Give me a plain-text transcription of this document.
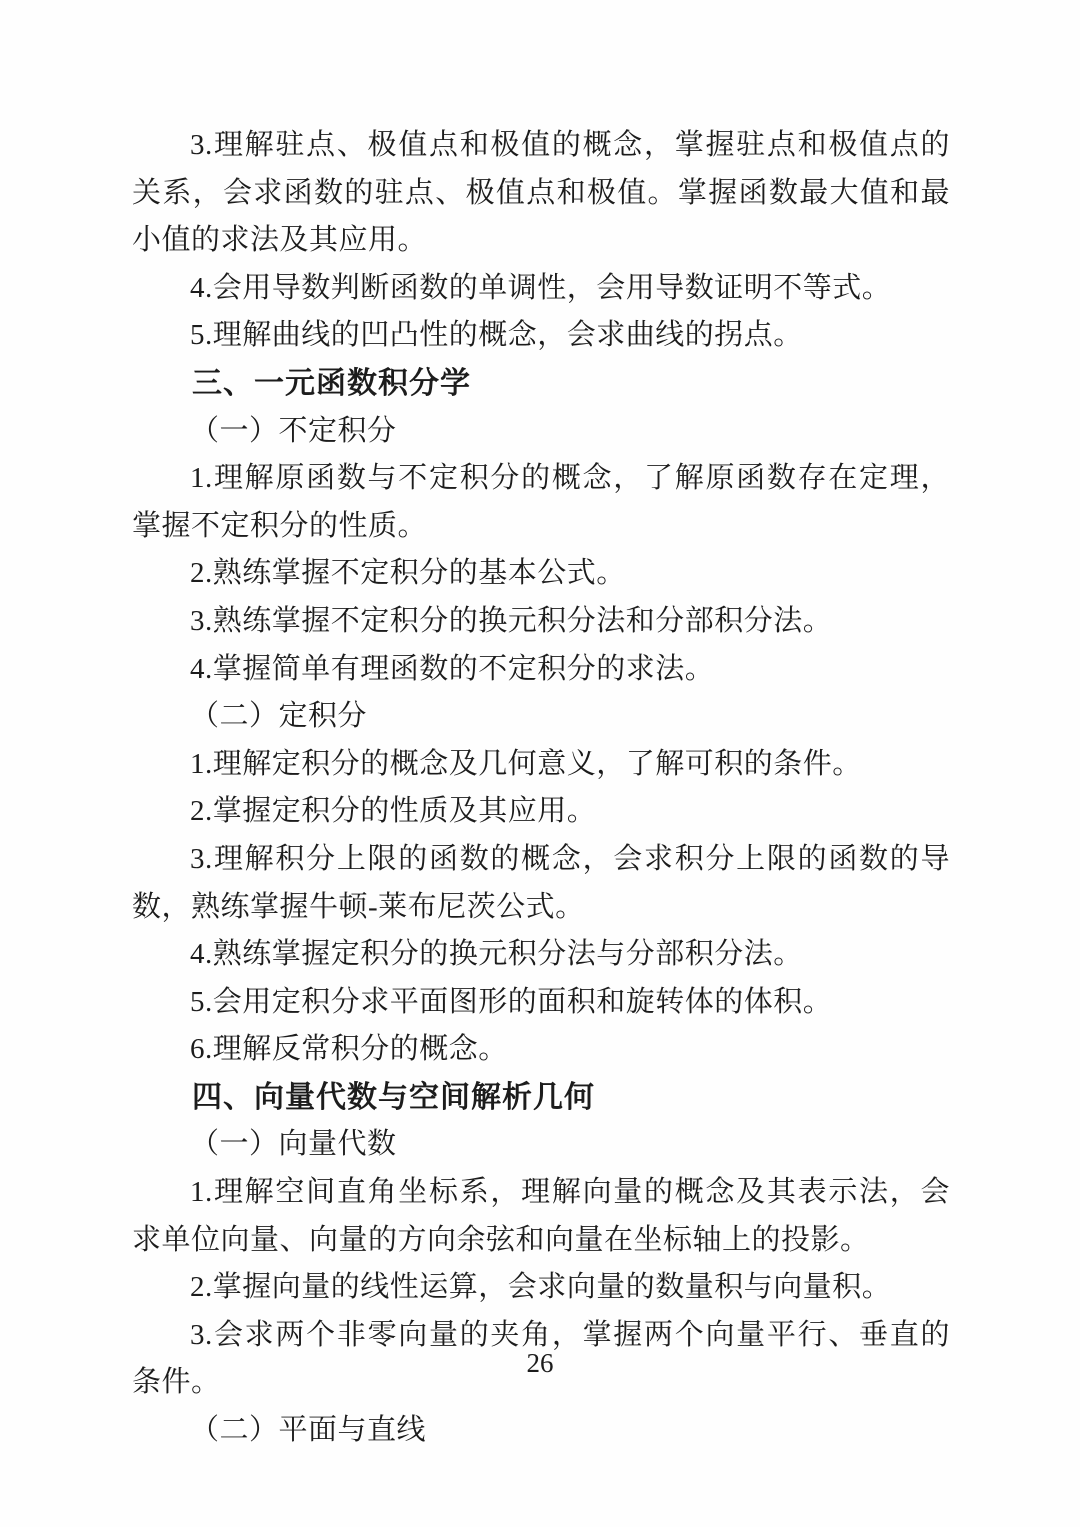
3.理解驻点、极值点和极值的概念，掌握驻点和极值点的关系，会求函数的驻点、极值点和极值。掌握函数最大值和最小值的求法及其应用。

4.会用导数判断函数的单调性，会用导数证明不等式。

5.理解曲线的凹凸性的概念，会求曲线的拐点。

三、一元函数积分学

（一）不定积分

1.理解原函数与不定积分的概念，了解原函数存在定理，掌握不定积分的性质。

2.熟练掌握不定积分的基本公式。

3.熟练掌握不定积分的换元积分法和分部积分法。

4.掌握简单有理函数的不定积分的求法。

（二）定积分

1.理解定积分的概念及几何意义，了解可积的条件。

2.掌握定积分的性质及其应用。

3.理解积分上限的函数的概念，会求积分上限的函数的导数，熟练掌握牛顿-莱布尼茨公式。

4.熟练掌握定积分的换元积分法与分部积分法。

5.会用定积分求平面图形的面积和旋转体的体积。

6.理解反常积分的概念。

四、向量代数与空间解析几何

（一）向量代数

1.理解空间直角坐标系，理解向量的概念及其表示法，会求单位向量、向量的方向余弦和向量在坐标轴上的投影。

2.掌握向量的线性运算，会求向量的数量积与向量积。

3.会求两个非零向量的夹角，掌握两个向量平行、垂直的条件。

（二）平面与直线

26
